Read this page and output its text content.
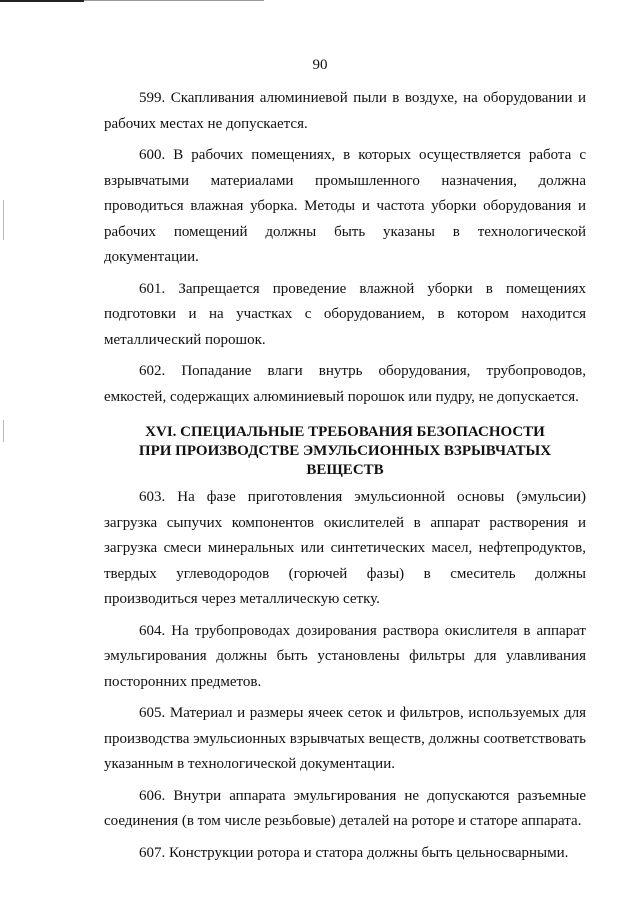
90

599. Скапливания алюминиевой пыли в воздухе, на оборудовании и рабочих местах не допускается.

600. В рабочих помещениях, в которых осуществляется работа с взрывчатыми материалами промышленного назначения, должна проводиться влажная уборка. Методы и частота уборки оборудования и рабочих помещений должны быть указаны в технологической документации.

601. Запрещается проведение влажной уборки в помещениях подготовки и на участках с оборудованием, в котором находится металлический порошок.

602. Попадание влаги внутрь оборудования, трубопроводов, емкостей, содержащих алюминиевый порошок или пудру, не допускается.

XVI. СПЕЦИАЛЬНЫЕ ТРЕБОВАНИЯ БЕЗОПАСНОСТИ
ПРИ ПРОИЗВОДСТВЕ ЭМУЛЬСИОННЫХ ВЗРЫВЧАТЫХ ВЕЩЕСТВ

603. На фазе приготовления эмульсионной основы (эмульсии) загрузка сыпучих компонентов окислителей в аппарат растворения и загрузка смеси минеральных или синтетических масел, нефтепродуктов, твердых углеводородов (горючей фазы) в смеситель должны производиться через металлическую сетку.

604. На трубопроводах дозирования раствора окислителя в аппарат эмульгирования должны быть установлены фильтры для улавливания посторонних предметов.

605. Материал и размеры ячеек сеток и фильтров, используемых для производства эмульсионных взрывчатых веществ, должны соответствовать указанным в технологической документации.

606. Внутри аппарата эмульгирования не допускаются разъемные соединения (в том числе резьбовые) деталей на роторе и статоре аппарата.

607. Конструкции ротора и статора должны быть цельносварными.
